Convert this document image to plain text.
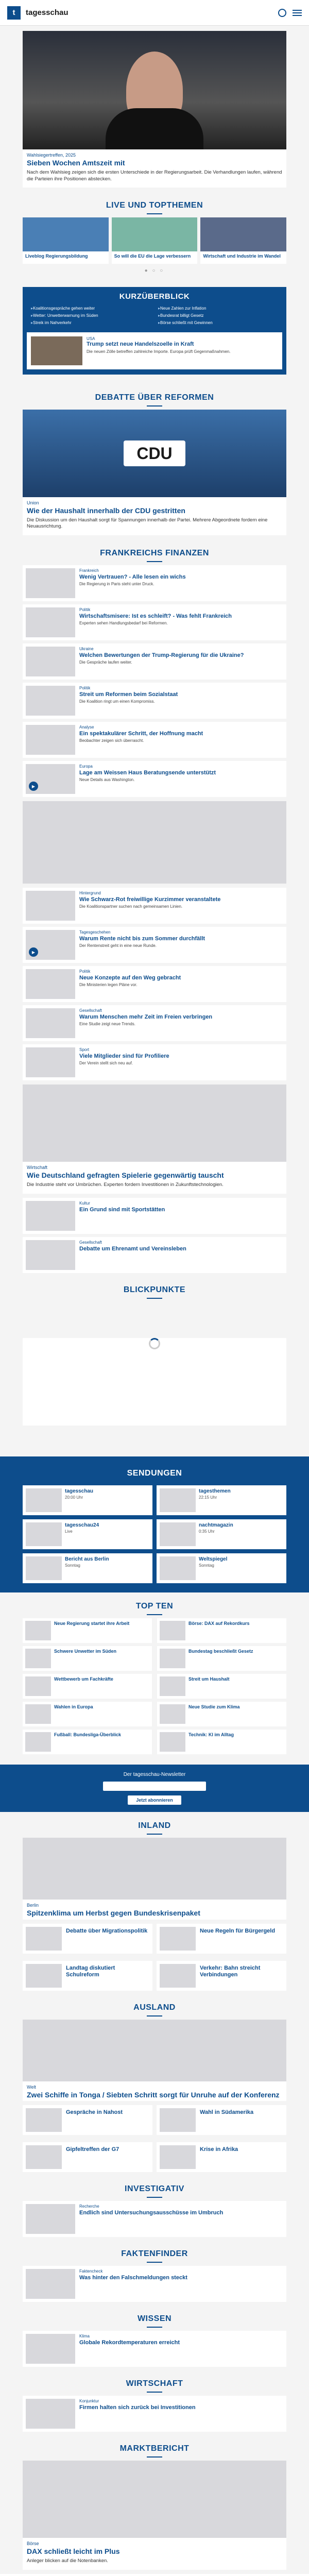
t	tagesschau
Wahlsiegertreffen, 2025
Sieben Wochen Amtszeit mit
Nach dem Wahlsieg zeigen sich die ersten Unterschiede in der Regierungsarbeit. Die Verhandlungen laufen, während die Parteien ihre Positionen abstecken.
LIVE UND TOPTHEMEN
Liveblog Regierungsbildung	So will die EU die Lage verbessern	Wirtschaft und Industrie im Wandel
● ○ ○
KURZÜBERBLICK
▸ Koalitionsgespräche gehen weiter	▸ Neue Zahlen zur Inflation
▸ Wetter: Unwetterwarnung im Süden	▸ Bundesrat billigt Gesetz
▸ Streik im Nahverkehr	▸ Börse schließt mit Gewinnen
USA
Trump setzt neue Handelszoelle in Kraft
Die neuen Zölle betreffen zahlreiche Importe. Europa prüft Gegenmaßnahmen.
DEBATTE ÜBER REFORMEN
CDU
Union
Wie der Haushalt innerhalb der CDU gestritten
Die Diskussion um den Haushalt sorgt für Spannungen innerhalb der Partei. Mehrere Abgeordnete fordern eine Neuausrichtung.
FRANKREICHS FINANZEN
Frankreich
Wenig Vertrauen? - Alle lesen ein wichs
Die Regierung in Paris steht unter Druck.
Politik
Wirtschaftsmisere: Ist es schleift? - Was fehlt Frankreich
Experten sehen Handlungsbedarf bei Reformen.
Ukraine
Welchen Bewertungen der Trump-Regierung für die Ukraine?
Die Gespräche laufen weiter.
Politik
Streit um Reformen beim Sozialstaat
Die Koalition ringt um einen Kompromiss.
Analyse
Ein spektakulärer Schritt, der Hoffnung macht
Beobachter zeigen sich überrascht.
▶
Europa
Lage am Weissen Haus Beratungsende unterstützt
Neue Details aus Washington.
Hintergrund
Wie Schwarz-Rot freiwillige Kurzimmer veranstaltete
Die Koalitionspartner suchen nach gemeinsamen Linien.
▶
Tagesgeschehen
Warum Rente nicht bis zum Sommer durchfällt
Der Rentenstreit geht in eine neue Runde.
Politik
Neue Konzepte auf den Weg gebracht
Die Ministerien legen Pläne vor.
Gesellschaft
Warum Menschen mehr Zeit im Freien verbringen
Eine Studie zeigt neue Trends.
Sport
Viele Mitglieder sind für Profiliere
Der Verein stellt sich neu auf.
Wirtschaft
Wie Deutschland gefragten Spielerie gegenwärtig tauscht
Die Industrie steht vor Umbrüchen. Experten fordern Investitionen in Zukunftstechnologien.
Kultur
Ein Grund sind mit Sportstätten
Gesellschaft
Debatte um Ehrenamt und Vereinsleben
BLICKPUNKTE
SENDUNGEN
tagesschau
20:00 Uhr
tagesthemen
22:15 Uhr
tagesschau24
Live
nachtmagazin
0:35 Uhr
Bericht aus Berlin
Sonntag
Weltspiegel
Sonntag
TOP TEN
Neue Regierung startet ihre Arbeit	Börse: DAX auf Rekordkurs
Schwere Unwetter im Süden	Bundestag beschließt Gesetz
Wettbewerb um Fachkräfte	Streit um Haushalt
Wahlen in Europa	Neue Studie zum Klima
Fußball: Bundesliga-Überblick	Technik: KI im Alltag
Der tagesschau-Newsletter
Jetzt abonnieren
INLAND
Berlin
Spitzenklima um Herbst gegen Bundeskrisenpaket
Debatte über Migrationspolitik	Neue Regeln für Bürgergeld
Landtag diskutiert Schulreform
Verkehr: Bahn streicht Verbindungen
AUSLAND
Welt
Zwei Schiffe in Tonga / Siebten Schritt sorgt für Unruhe auf der Konferenz
Gespräche in Nahost	Wahl in Südamerika
Gipfeltreffen der G7	Krise in Afrika
INVESTIGATIV
Recherche
Endlich sind Untersuchungsausschüsse im Umbruch
FAKTENFINDER
Faktencheck
Was hinter den Falschmeldungen steckt
WISSEN
Klima
Globale Rekordtemperaturen erreicht
WIRTSCHAFT
Konjunktur
Firmen halten sich zurück bei Investitionen
MARKTBERICHT
Börse
DAX schließt leicht im Plus
Anleger blicken auf die Notenbanken.
